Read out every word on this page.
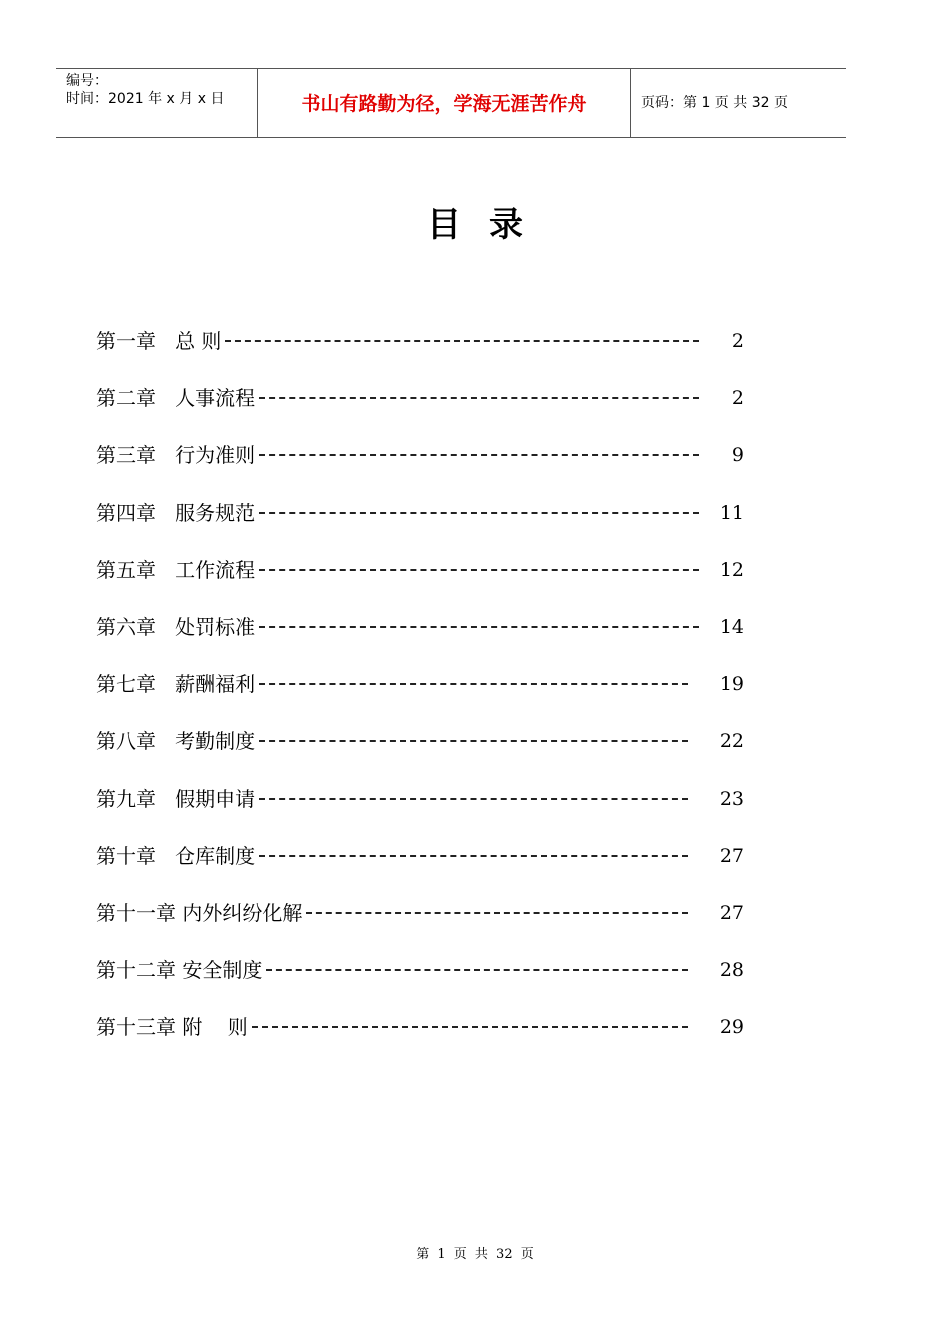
编号：
时间：2021 年 x 月 x 日	书山有路勤为径，学海无涯苦作舟	页码：第 1 页 共 32 页
目录
第一章   总 则	2
第二章   人事流程	2
第三章   行为准则	9
第四章   服务规范	11
第五章   工作流程	12
第六章   处罚标准	14
第七章   薪酬福利	19
第八章   考勤制度	22
第九章   假期申请	23
第十章   仓库制度	27
第十一章 内外纠纷化解	27
第十二章 安全制度	28
第十三章 附    则	29
第 1 页 共 32 页
